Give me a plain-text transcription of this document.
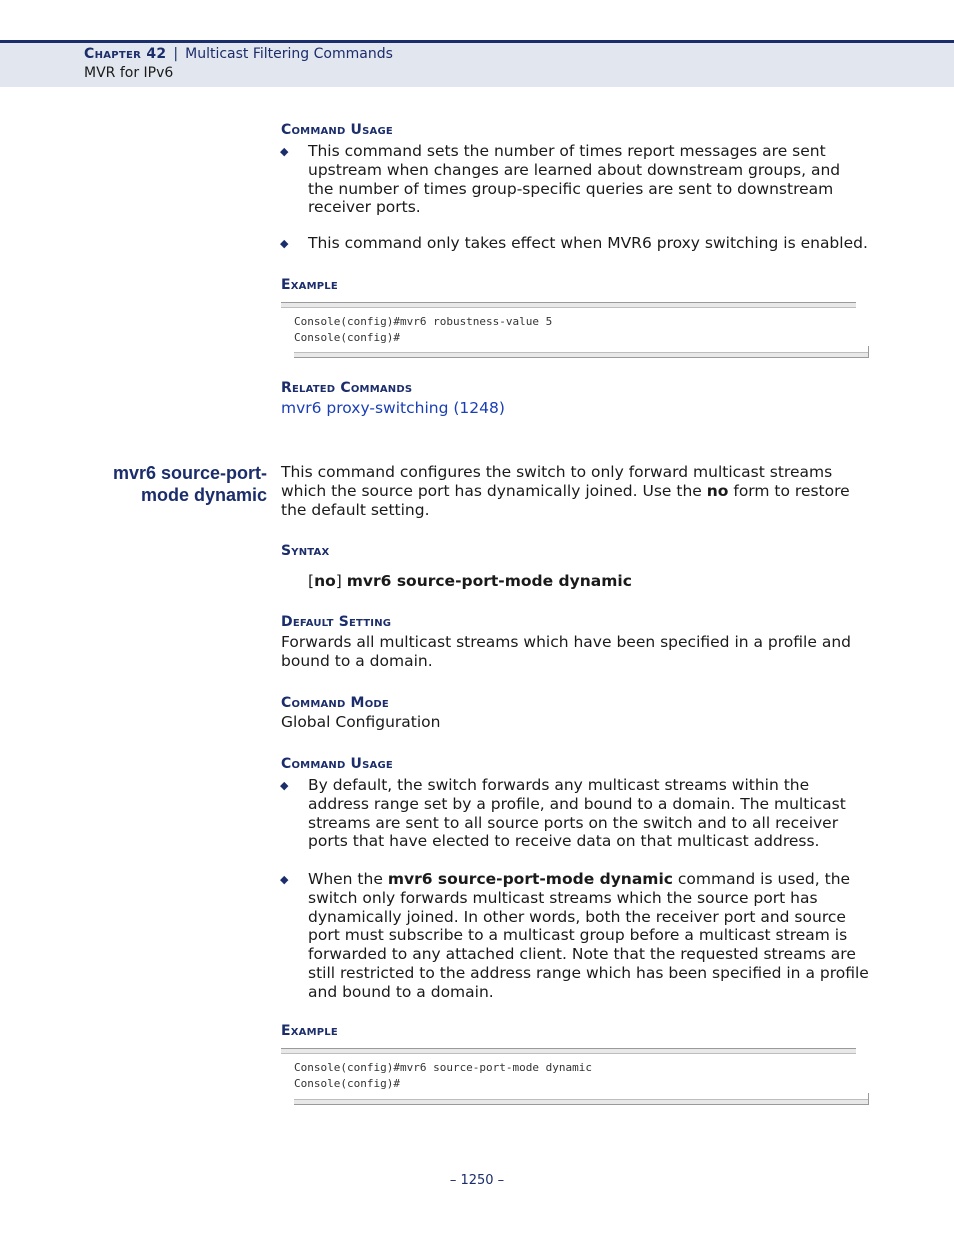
Chapter 42 | Multicast Filtering Commands
MVR for IPv6
Command Usage
◆ This command sets the number of times report messages are sent upstream when changes are learned about downstream groups, and the number of times group-specific queries are sent to downstream receiver ports.
◆ This command only takes effect when MVR6 proxy switching is enabled.
Example
Console(config)#mvr6 robustness-value 5
Console(config)#
Related Commands
mvr6 proxy-switching (1248)
mvr6 source-port-
mode dynamic
This command configures the switch to only forward multicast streams which the source port has dynamically joined. Use the no form to restore the default setting.
Syntax
[no] mvr6 source-port-mode dynamic
Default Setting
Forwards all multicast streams which have been specified in a profile and bound to a domain.
Command Mode
Global Configuration
Command Usage
◆ By default, the switch forwards any multicast streams within the address range set by a profile, and bound to a domain. The multicast streams are sent to all source ports on the switch and to all receiver ports that have elected to receive data on that multicast address.
◆ When the mvr6 source-port-mode dynamic command is used, the switch only forwards multicast streams which the source port has dynamically joined. In other words, both the receiver port and source port must subscribe to a multicast group before a multicast stream is forwarded to any attached client. Note that the requested streams are still restricted to the address range which has been specified in a profile and bound to a domain.
Example
Console(config)#mvr6 source-port-mode dynamic
Console(config)#
– 1250 –
